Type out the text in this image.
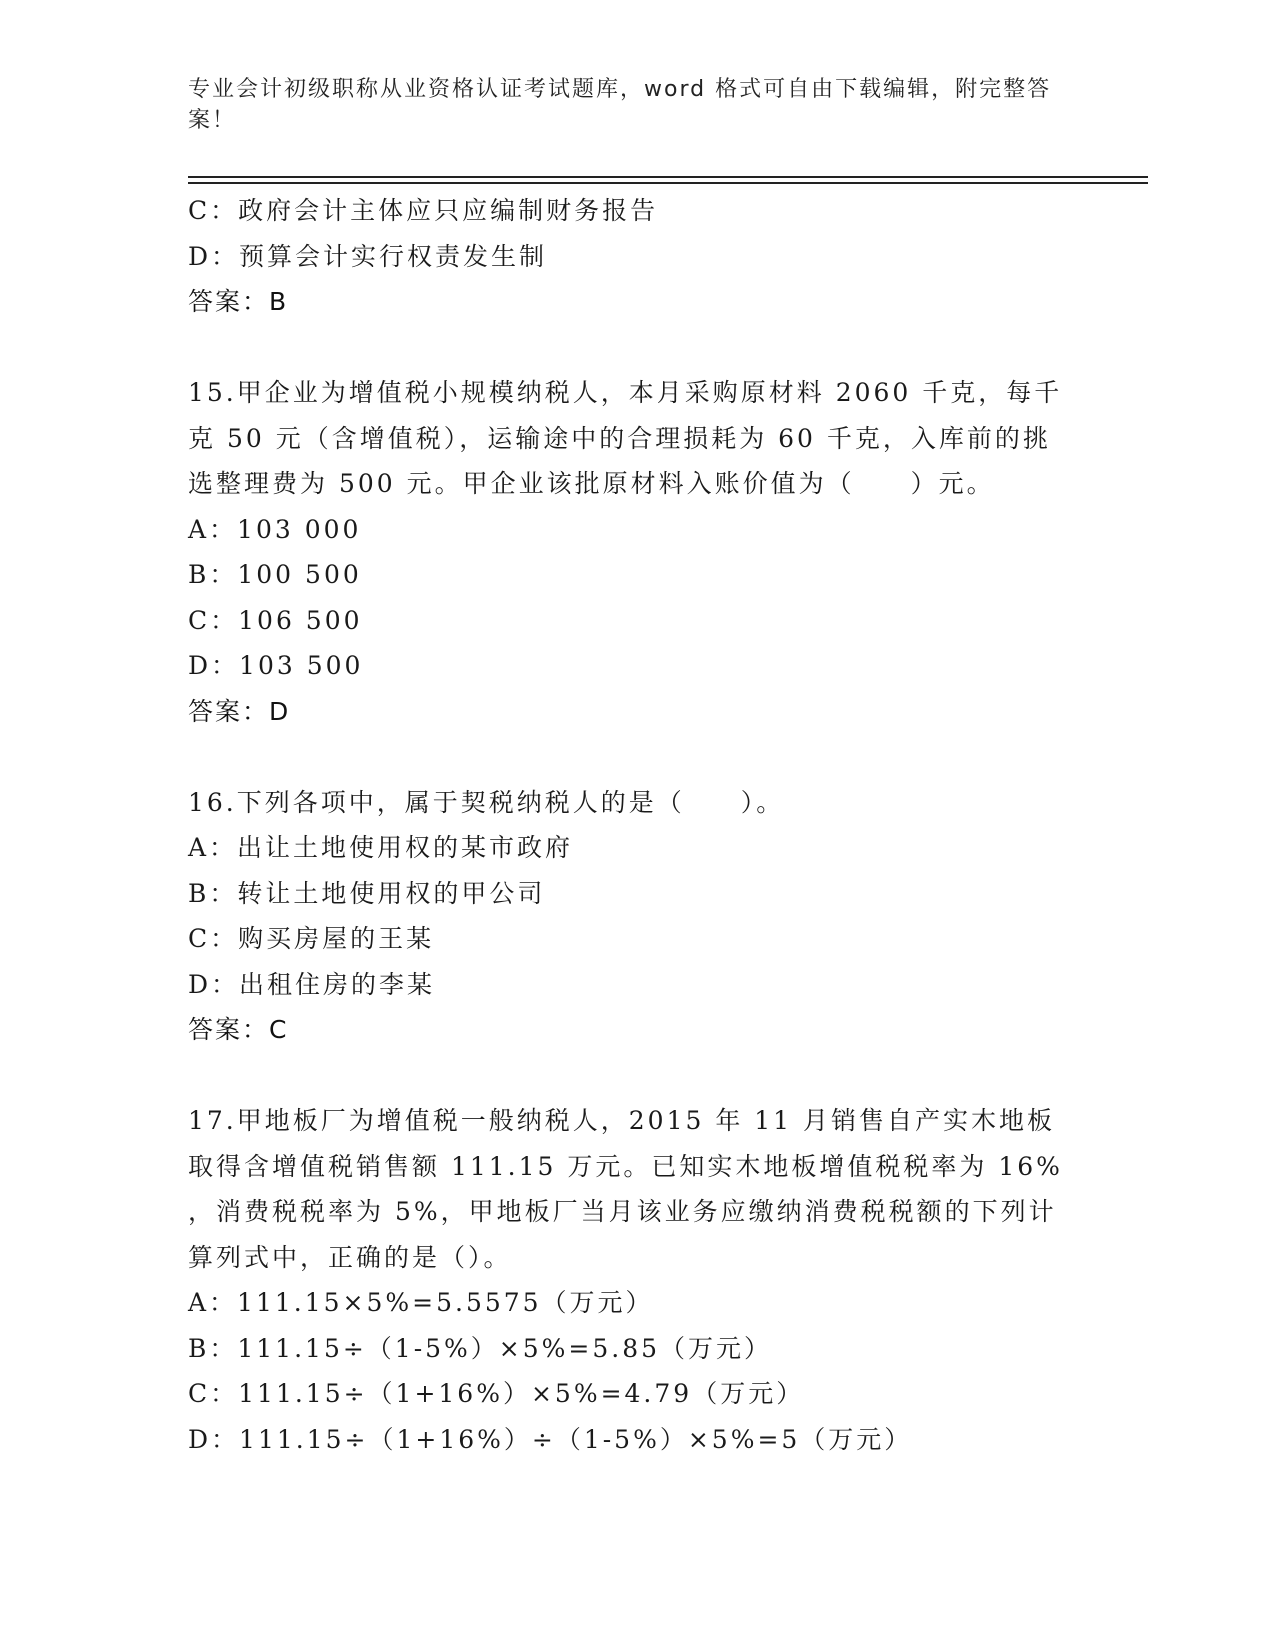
专业会计初级职称从业资格认证考试题库，word 格式可自由下载编辑，附完整答案！
C：政府会计主体应只应编制财务报告
D：预算会计实行权责发生制
答案：B
15.甲企业为增值税小规模纳税人，本月采购原材料 2060 千克，每千
克 50 元（含增值税），运输途中的合理损耗为 60 千克，入库前的挑
选整理费为 500 元。甲企业该批原材料入账价值为（　　）元。
A：103 000
B：100 500
C：106 500
D：103 500
答案：D
16.下列各项中，属于契税纳税人的是（　　）。
A：出让土地使用权的某市政府
B：转让土地使用权的甲公司
C：购买房屋的王某
D：出租住房的李某
答案：C
17.甲地板厂为增值税一般纳税人，2015 年 11 月销售自产实木地板
取得含增值税销售额 111.15 万元。已知实木地板增值税税率为 16%
，消费税税率为 5%，甲地板厂当月该业务应缴纳消费税税额的下列计
算列式中，正确的是（）。
A：111.15×5%=5.5575（万元）
B：111.15÷（1-5%）×5%=5.85（万元）
C：111.15÷（1+16%）×5%=4.79（万元）
D：111.15÷（1+16%）÷（1-5%）×5%=5（万元）
